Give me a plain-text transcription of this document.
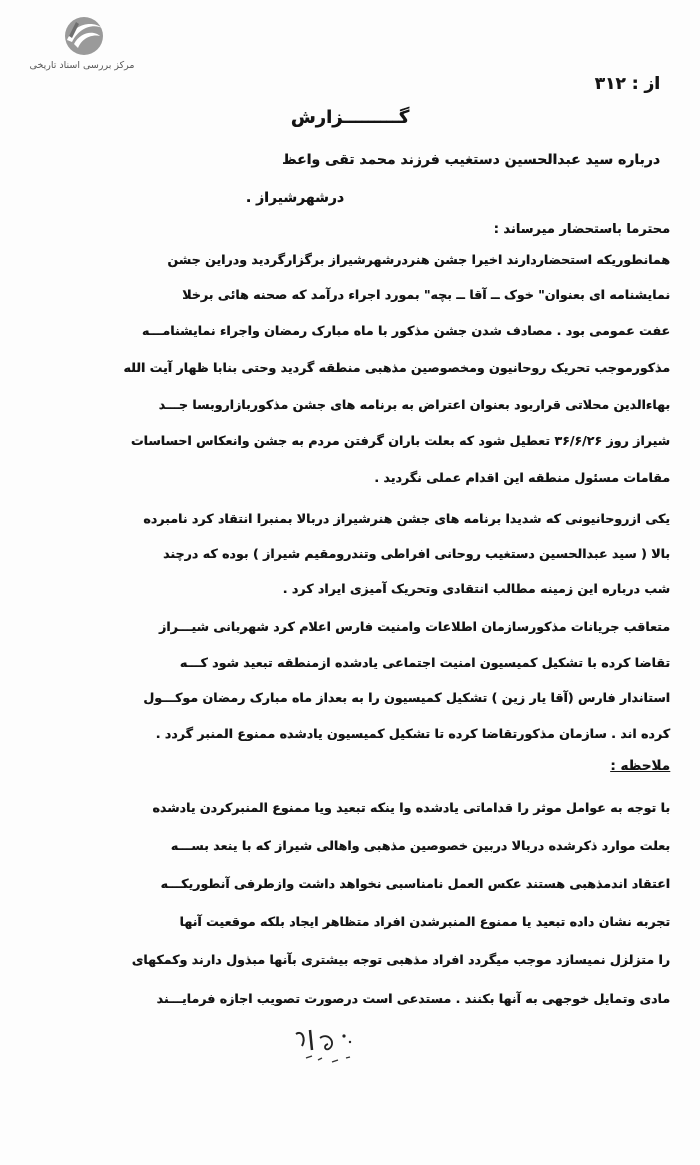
مرکز بررسی اسناد تاریخی
از : ۳۱۲
گـــــــــزارش
درباره سید عبدالحسین دستغیب فرزند محمد تقی واعظ
درشهرشیراز .
محترما باستحضار میرساند :
همانطوریکه استحضاردارند اخیرا جشن هنردرشهرشیراز برگزارگردید ودراین جشن
نمایشنامه ای بعنوان" خوک ــ آقا ــ بچه" بمورد اجراء درآمد که صحنه هائی برخلا
عفت عمومی بود . مصادف شدن جشن مذکور با ماه مبارک رمضان واجراء نمایشنامـــه
مذکورموجب تحریک روحانیون ومخصوصین مذهبی منطقه گردید وحتی بنابا ظهار آیت الله
بهاءالدین محلاتی قراربود بعنوان اعتراض به برنامه های جشن مذکوربازاروبسا جـــد
شیراز روز ۳۶/۶/۲۶ تعطیل شود که بعلت باران گرفتن مردم به جشن وانعکاس احساسات
مقامات مسئول منطقه این اقدام عملی نگردید .
یکی ازروحانیونی که شدیدا برنامه های جشن هنرشیراز دربالا بمنبرا انتقاد کرد نامبرده
بالا ( سید عبدالحسین دستغیب روحانی افراطی وتندرومقیم شیراز ) بوده که درچند
شب درباره این زمینه مطالب انتقادی وتحریک آمیزی ایراد کرد .
متعاقب جریانات مذکورسازمان اطلاعات وامنیت فارس اعلام کرد شهربانی شیـــراز
تقاضا کرده با تشکیل کمیسیون امنیت اجتماعی یادشده ازمنطقه تبعید شود کـــه
استاندار فارس (آقا یار زین ) تشکیل کمیسیون را به بعداز ماه مبارک رمضان موکـــول
کرده اند . سازمان مذکورتقاضا کرده تا تشکیل کمیسیون یادشده ممنوع المنبر گردد .
ملاحظه :
با توجه به عوامل موثر را قداماتی یادشده وا ینکه تبعید ویا ممنوع المنبرکردن یادشده
بعلت موارد ذکرشده دربالا دربین خصوصین مذهبی واهالی شیراز که با ینعد بســـه
اعتقاد اندمذهبی هستند عکس العمل نامناسبی نخواهد داشت وازطرفی آنطوریکـــه
تجربه نشان داده تبعید یا ممنوع المنبرشدن افراد متظاهر ایجاد بلکه موقعیت آنها
را متزلزل نمیسازد موجب میگردد افراد مذهبی توجه بیشتری بآنها مبذول دارند وکمکهای
مادی وتمایل خوجهی به آنها بکنند . مستدعی است درصورت تصویب اجازه فرمایـــند
